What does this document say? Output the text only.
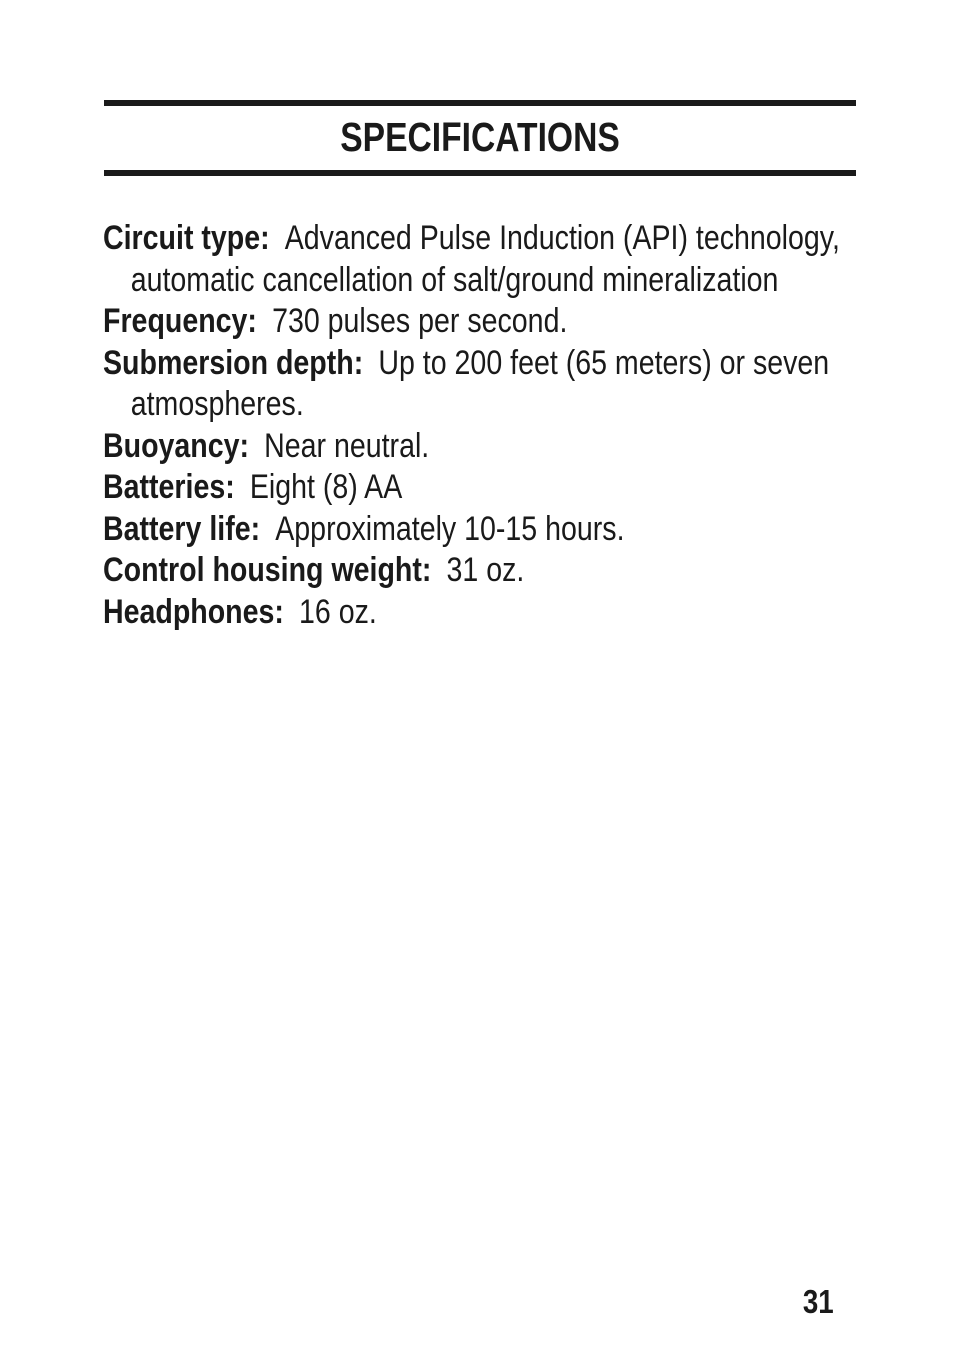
SPECIFICATIONS

Circuit type: Advanced Pulse Induction (API) technology, automatic cancellation of salt/ground mineralization

Frequency: 730 pulses per second.

Submersion depth: Up to 200 feet (65 meters) or seven atmospheres.

Buoyancy: Near neutral.

Batteries: Eight (8) AA

Battery life: Approximately 10-15 hours.

Control housing weight: 31 oz.

Headphones: 16 oz.

31
